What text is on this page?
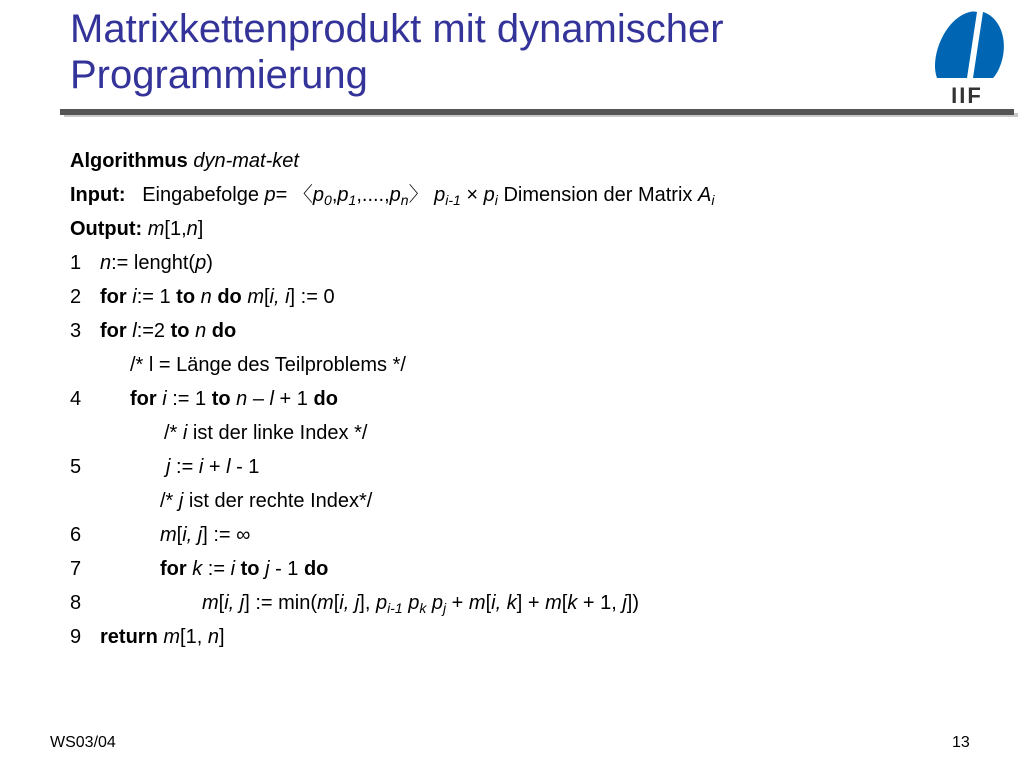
Matrixkettenprodukt mit dynamischer
Programmierung	IIF
Algorithmus dyn-mat-ket
Input: Eingabefolge p= 〈$p_0,p_1,....,p_n$〉 $p_{i-1} \times p_i$ Dimension der Matrix $A_i$
Output: m[1,n]
1 n:= lenght(p)
2 for i:= 1 to n do m[i, i] := 0
3 for l:=2 to n do
/* l = Länge des Teilproblems */
4 for i := 1 to n – l + 1 do
/* i ist der linke Index */
5	j := i + l - 1
/* j ist der rechte Index*/
6	m[i, j] := ∞
7	for k := i to j - 1 do
8	m[i, j] := min(m[i, j], $p_{i-1}$ $p_k$ $p_j + m[i$, k] + m[k + 1, j])
9 return m[1, n]
WS03/04	13
